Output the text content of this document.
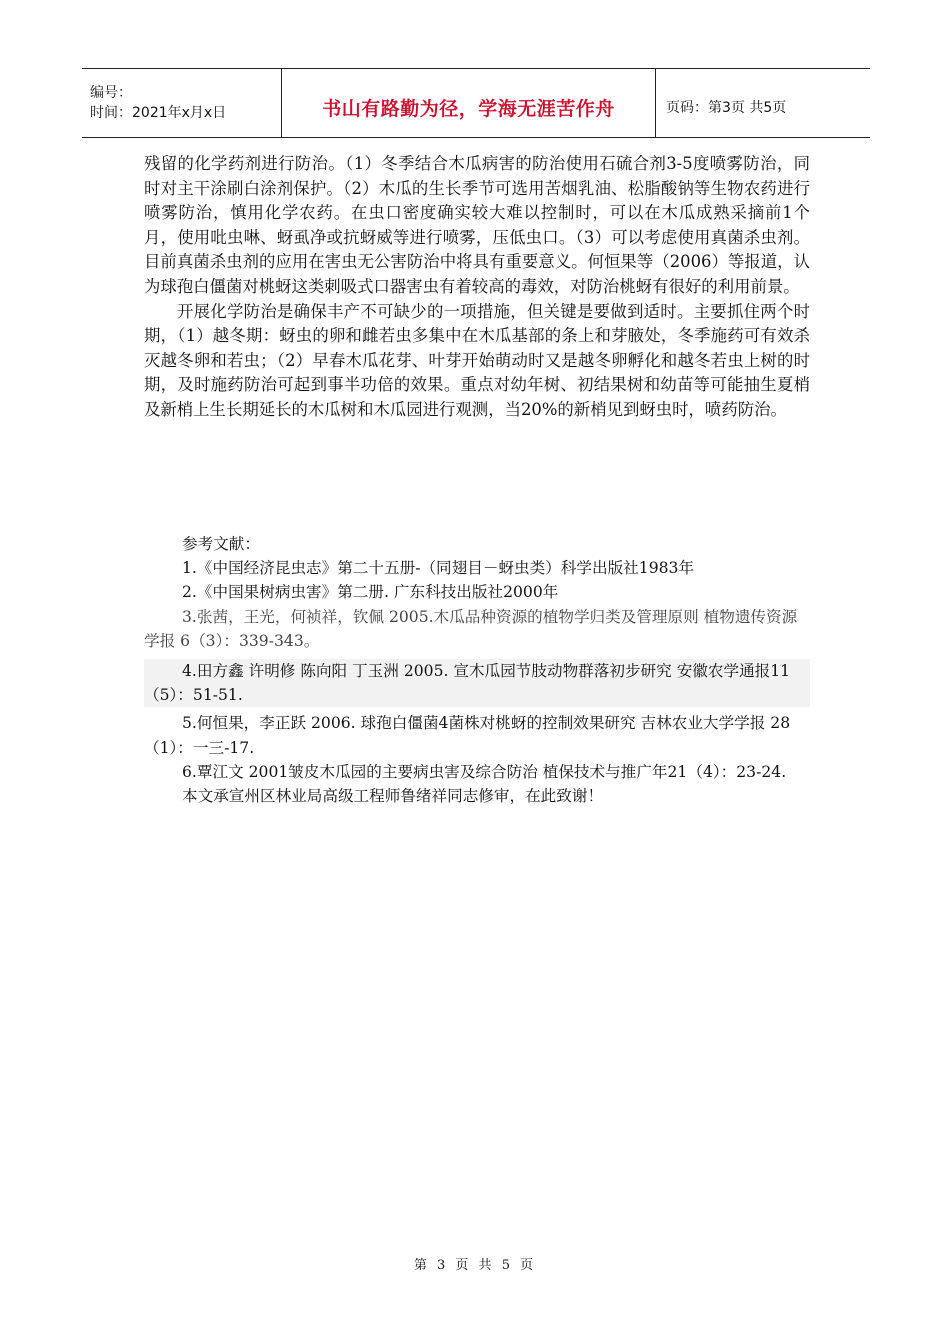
编号：
时间：2021年x月x日	书山有路勤为径，学海无涯苦作舟	页码：第3页 共5页

残留的化学药剂进行防治。（1）冬季结合木瓜病害的防治使用石硫合剂3-5度喷雾防治，同时对主干涂刷白涂剂保护。（2）木瓜的生长季节可选用苦烟乳油、松脂酸钠等生物农药进行喷雾防治，慎用化学农药。在虫口密度确实较大难以控制时，可以在木瓜成熟采摘前1个月，使用吡虫啉、蚜虱净或抗蚜威等进行喷雾，压低虫口。（3）可以考虑使用真菌杀虫剂。目前真菌杀虫剂的应用在害虫无公害防治中将具有重要意义。何恒果等（2006）等报道，认为球孢白僵菌对桃蚜这类刺吸式口器害虫有着较高的毒效，对防治桃蚜有很好的利用前景。

开展化学防治是确保丰产不可缺少的一项措施，但关键是要做到适时。主要抓住两个时期，（1）越冬期：蚜虫的卵和雌若虫多集中在木瓜基部的条上和芽腋处，冬季施药可有效杀灭越冬卵和若虫；（2）早春木瓜花芽、叶芽开始萌动时又是越冬卵孵化和越冬若虫上树的时期，及时施药防治可起到事半功倍的效果。重点对幼年树、初结果树和幼苗等可能抽生夏梢及新梢上生长期延长的木瓜树和木瓜园进行观测，当20%的新梢见到蚜虫时，喷药防治。

参考文献：

1.《中国经济昆虫志》第二十五册-（同翅目－蚜虫类）科学出版社1983年

2.《中国果树病虫害》第二册. 广东科技出版社2000年

3.张茜，王光，何祯祥，钦佩 2005.木瓜品种资源的植物学归类及管理原则 植物遗传资源学报 6（3）：339-343。

4.田方鑫 许明修 陈向阳 丁玉洲 2005. 宣木瓜园节肢动物群落初步研究 安徽农学通报11（5）：51-51.

5.何恒果，李正跃 2006. 球孢白僵菌4菌株对桃蚜的控制效果研究 吉林农业大学学报 28（1）：一三-17.

6.覃江文 2001皱皮木瓜园的主要病虫害及综合防治 植保技术与推广年21（4）：23-24.

本文承宣州区林业局高级工程师鲁绪祥同志修审，在此致谢！

第 3 页 共 5 页
